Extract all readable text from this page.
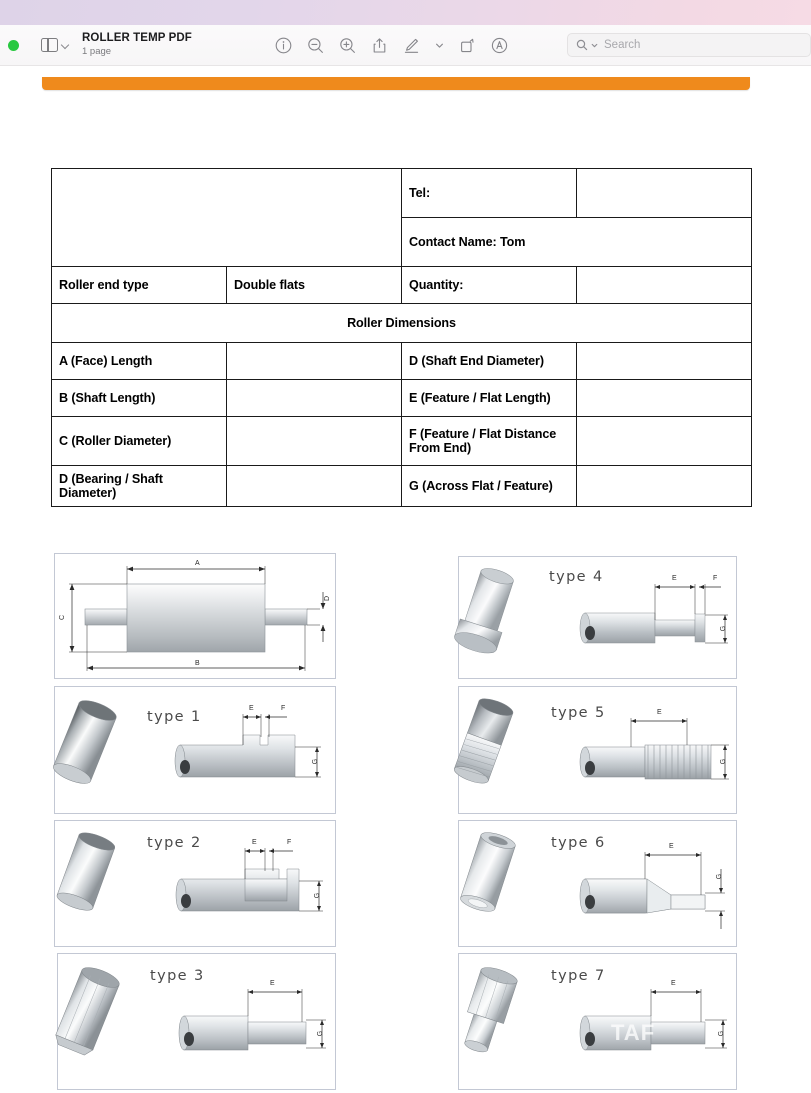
ROLLER TEMP PDF
1 page
Search
		Tel:	
		Contact Name: Tom	
Roller end type	Double flats	Quantity:	
Roller Dimensions			
A (Face) Length		D (Shaft End Diameter)	
B (Shaft Length)		E (Feature / Flat Length)	
C (Roller Diameter)		F (Feature / Flat Distance From End)	
D (Bearing / Shaft Diameter)		G (Across Flat / Feature)	
A
B
C
D
type 4	E	F
G
type 1
E	F
G
type 5	E
G
type 2	E	F
G
type 6	E
G
type 3	E
G	TAF
type 7	E
G
